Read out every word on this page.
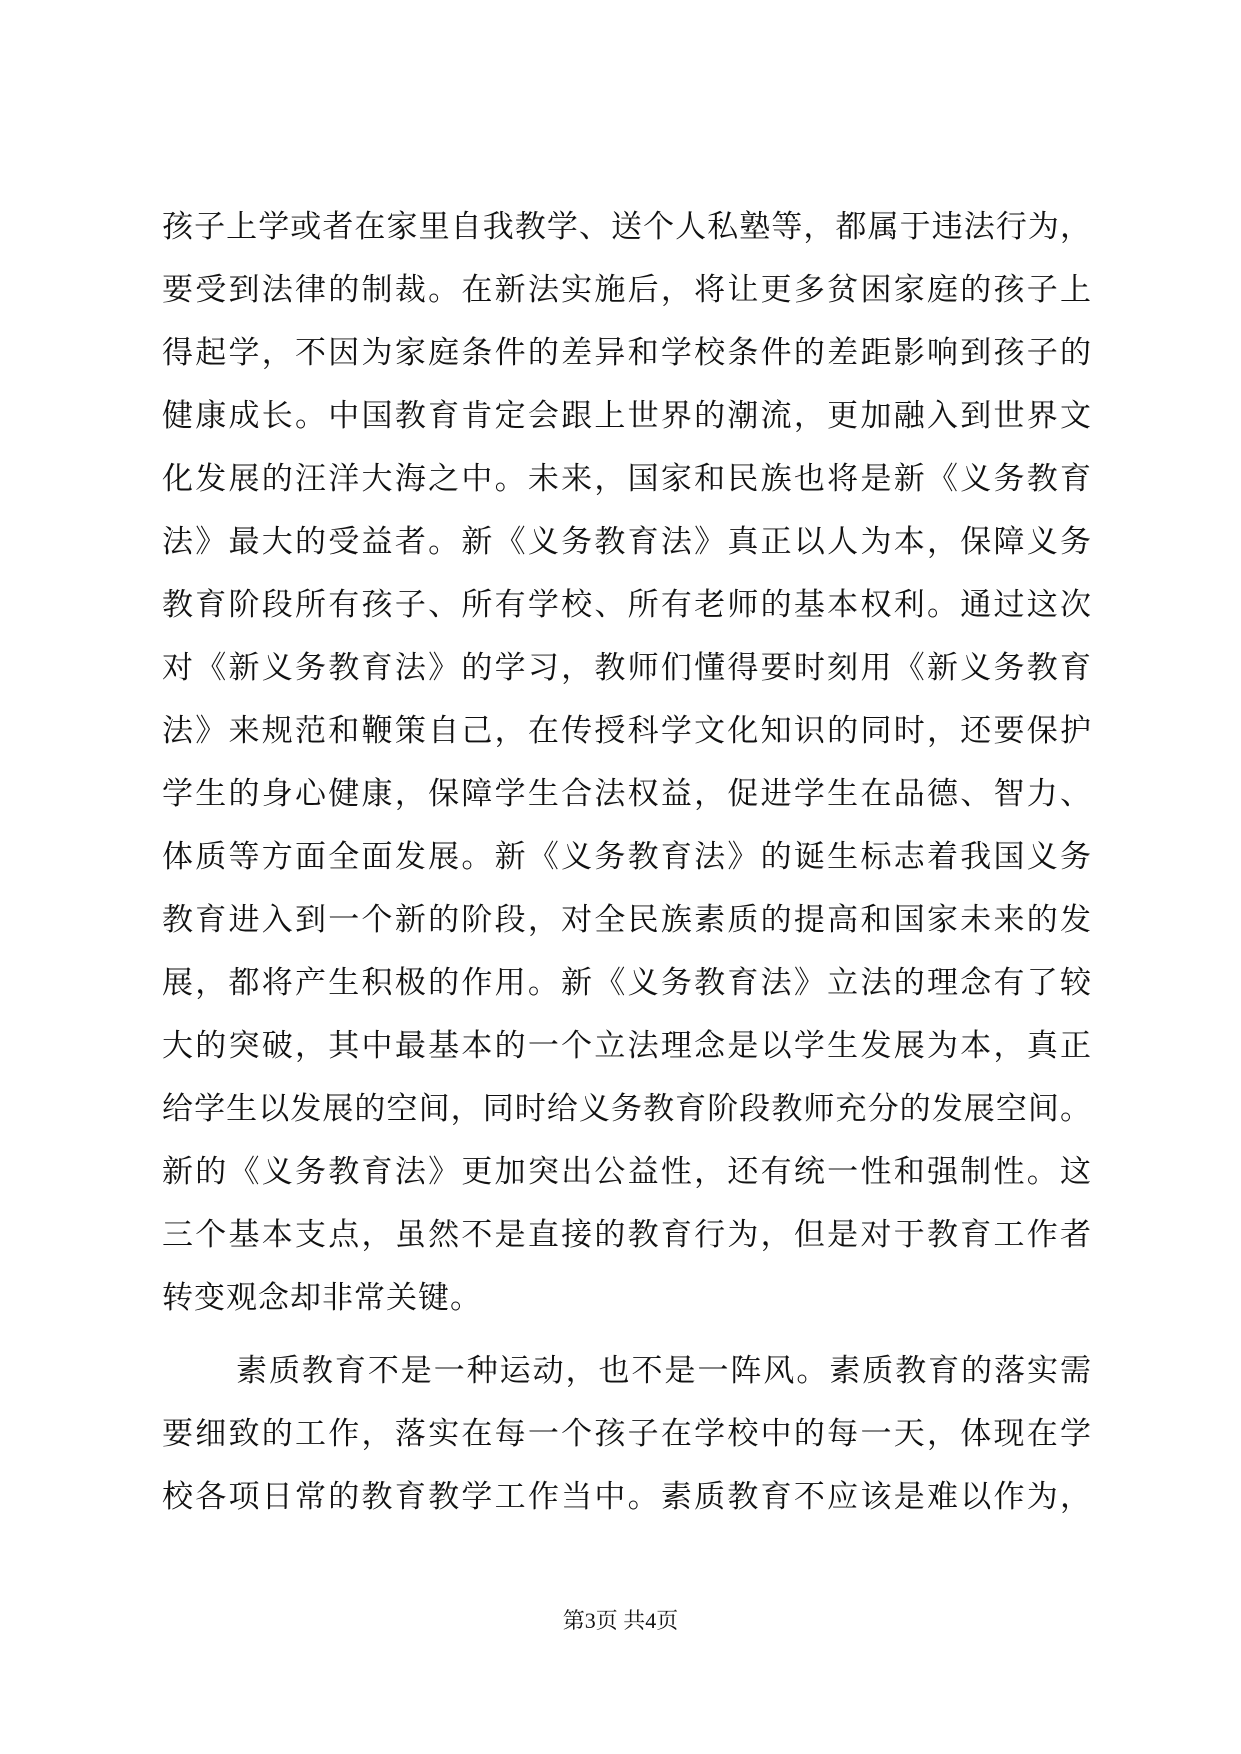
孩子上学或者在家里自我教学、送个人私塾等，都属于违法行为，
要受到法律的制裁。在新法实施后，将让更多贫困家庭的孩子上
得起学，不因为家庭条件的差异和学校条件的差距影响到孩子的
健康成长。中国教育肯定会跟上世界的潮流，更加融入到世界文
化发展的汪洋大海之中。未来，国家和民族也将是新《义务教育
法》最大的受益者。新《义务教育法》真正以人为本，保障义务
教育阶段所有孩子、所有学校、所有老师的基本权利。通过这次
对《新义务教育法》的学习，教师们懂得要时刻用《新义务教育
法》来规范和鞭策自己，在传授科学文化知识的同时，还要保护
学生的身心健康，保障学生合法权益，促进学生在品德、智力、
体质等方面全面发展。新《义务教育法》的诞生标志着我国义务
教育进入到一个新的阶段，对全民族素质的提高和国家未来的发
展，都将产生积极的作用。新《义务教育法》立法的理念有了较
大的突破，其中最基本的一个立法理念是以学生发展为本，真正
给学生以发展的空间，同时给义务教育阶段教师充分的发展空间。
新的《义务教育法》更加突出公益性，还有统一性和强制性。这
三个基本支点，虽然不是直接的教育行为，但是对于教育工作者
转变观念却非常关键。
素质教育不是一种运动，也不是一阵风。素质教育的落实需
要细致的工作，落实在每一个孩子在学校中的每一天，体现在学
校各项日常的教育教学工作当中。素质教育不应该是难以作为，
第3页 共4页
